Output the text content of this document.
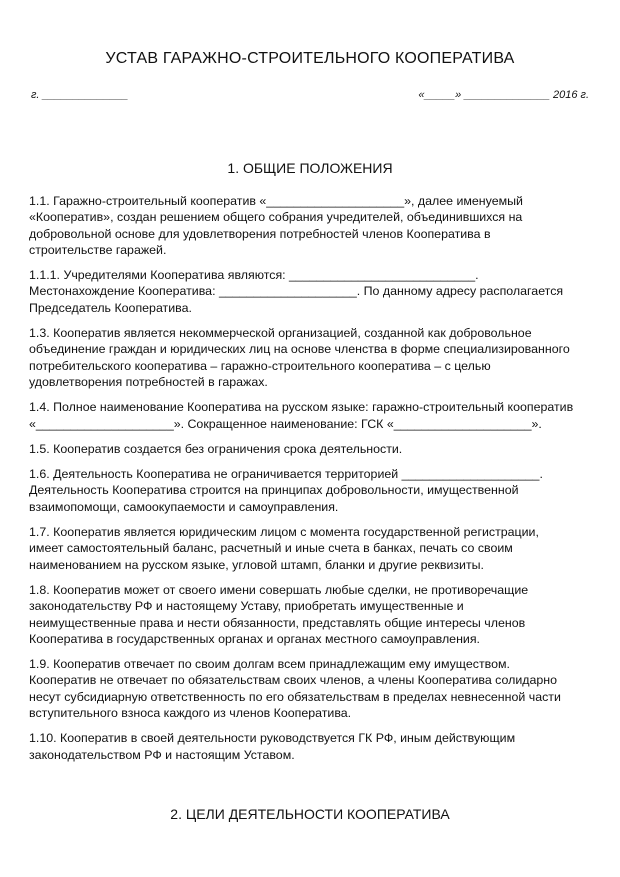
УСТАВ ГАРАЖНО-СТРОИТЕЛЬНОГО КООПЕРАТИВА
г. ______________	«_____» ______________ 2016 г.
1. ОБЩИЕ ПОЛОЖЕНИЯ

1.1. Гаражно-строительный кооператив «____________________», далее именуемый «Кооператив», создан решением общего собрания учредителей, объединившихся на добровольной основе для удовлетворения потребностей членов Кооператива в строительстве гаражей.

1.1.1. Учредителями Кооператива являются: ___________________________. Местонахождение Кооператива: ____________________. По данному адресу располагается Председатель Кооператива.

1.3. Кооператив является некоммерческой организацией, созданной как добровольное объединение граждан и юридических лиц на основе членства в форме специализированного потребительского кооператива – гаражно-строительного кооператива – с целью удовлетворения потребностей в гаражах.

1.4. Полное наименование Кооператива на русском языке: гаражно-строительный кооператив «____________________». Сокращенное наименование: ГСК «____________________».

1.5. Кооператив создается без ограничения срока деятельности.

1.6. Деятельность Кооператива не ограничивается территорией ____________________. Деятельность Кооператива строится на принципах добровольности, имущественной взаимопомощи, самоокупаемости и самоуправления.

1.7. Кооператив является юридическим лицом с момента государственной регистрации, имеет самостоятельный баланс, расчетный и иные счета в банках, печать со своим наименованием на русском языке, угловой штамп, бланки и другие реквизиты.

1.8. Кооператив может от своего имени совершать любые сделки, не противоречащие законодательству РФ и настоящему Уставу, приобретать имущественные и неимущественные права и нести обязанности, представлять общие интересы членов Кооператива в государственных органах и органах местного самоуправления.

1.9. Кооператив отвечает по своим долгам всем принадлежащим ему имуществом. Кооператив не отвечает по обязательствам своих членов, а члены Кооператива солидарно несут субсидиарную ответственность по его обязательствам в пределах невнесенной части вступительного взноса каждого из членов Кооператива.

1.10. Кооператив в своей деятельности руководствуется ГК РФ, иным действующим законодательством РФ и настоящим Уставом.

2. ЦЕЛИ ДЕЯТЕЛЬНОСТИ КООПЕРАТИВА
